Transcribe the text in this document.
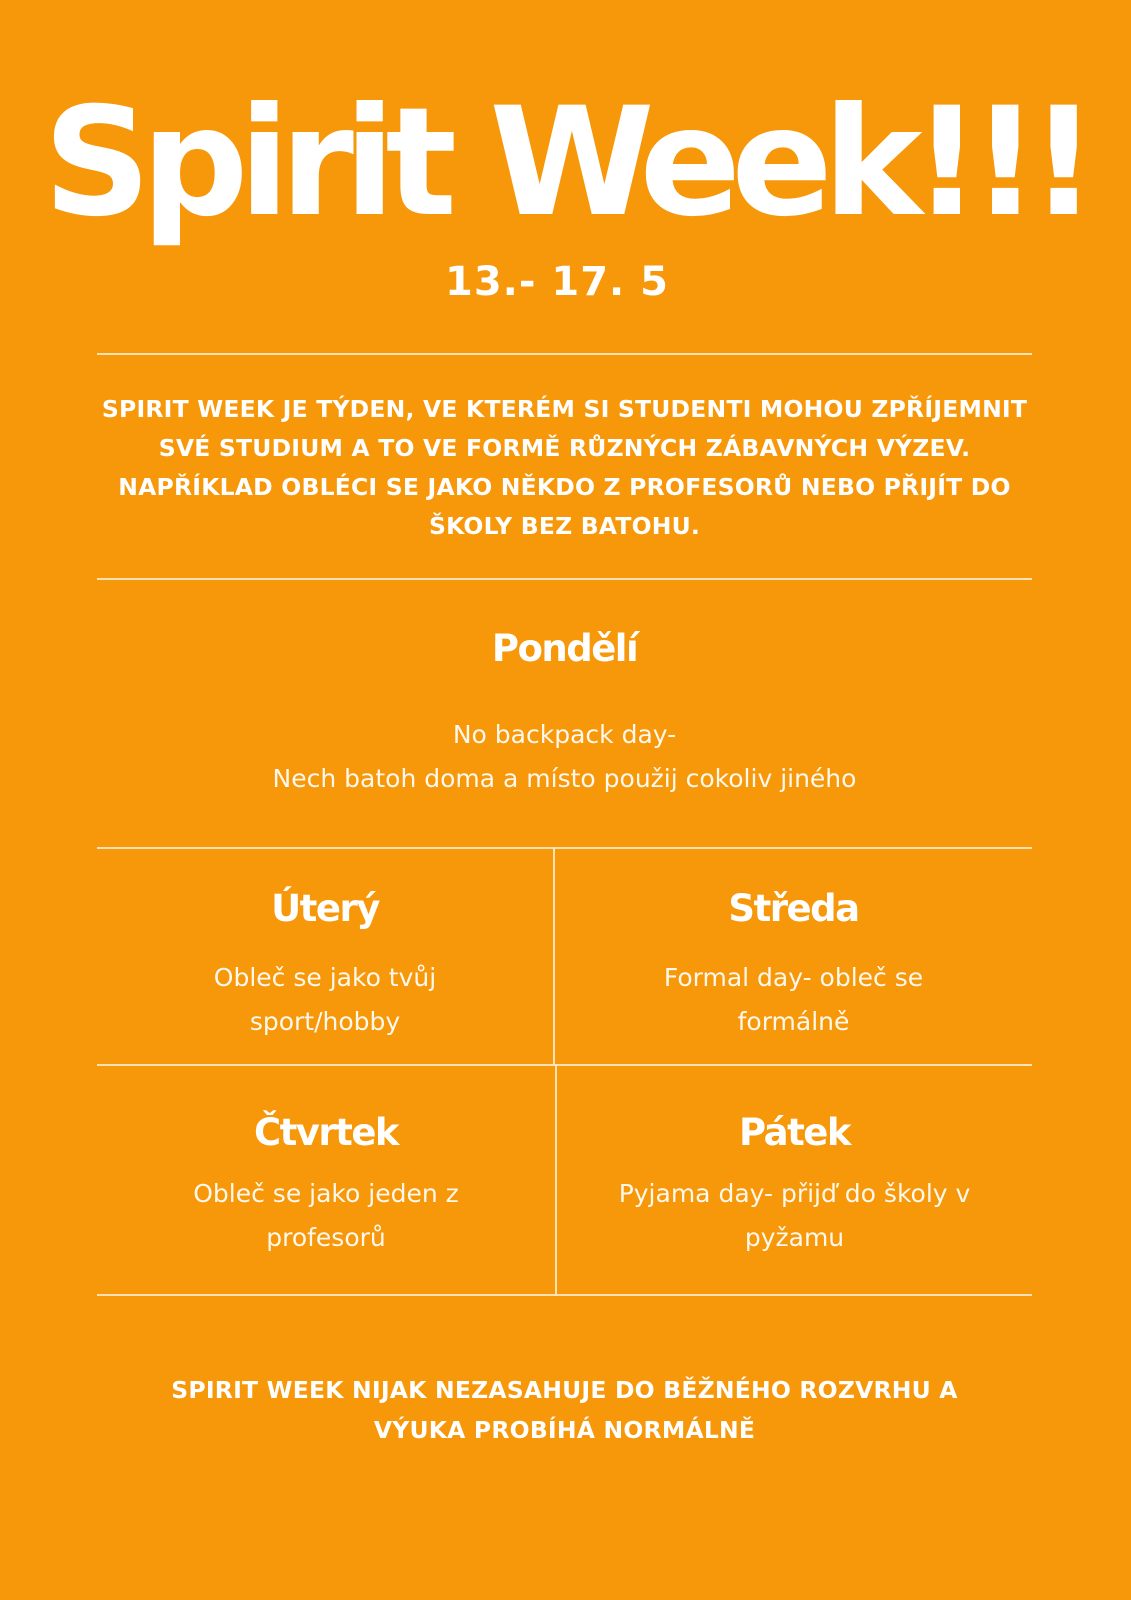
Spirit Week!!!
13.- 17. 5
SPIRIT WEEK JE TÝDEN, VE KTERÉM SI STUDENTI MOHOU ZPŘÍJEMNIT SVÉ STUDIUM A TO VE FORMĚ RŮZNÝCH ZÁBAVNÝCH VÝZEV. NAPŘÍKLAD OBLÉCI SE JAKO NĚKDO Z PROFESORŮ NEBO PŘIJÍT DO ŠKOLY BEZ BATOHU.
Pondělí
No backpack day-
Nech batoh doma a místo použij cokoliv jiného
Úterý
Obleč se jako tvůj
sport/hobby
Středa
Formal day- obleč se
formálně
Čtvrtek
Obleč se jako jeden z
profesorů
Pátek
Pyjama day- přijď do školy v
pyžamu
SPIRIT WEEK NIJAK NEZASAHUJE DO BĚŽNÉHO ROZVRHU A
VÝUKA PROBÍHÁ NORMÁLNĚ
